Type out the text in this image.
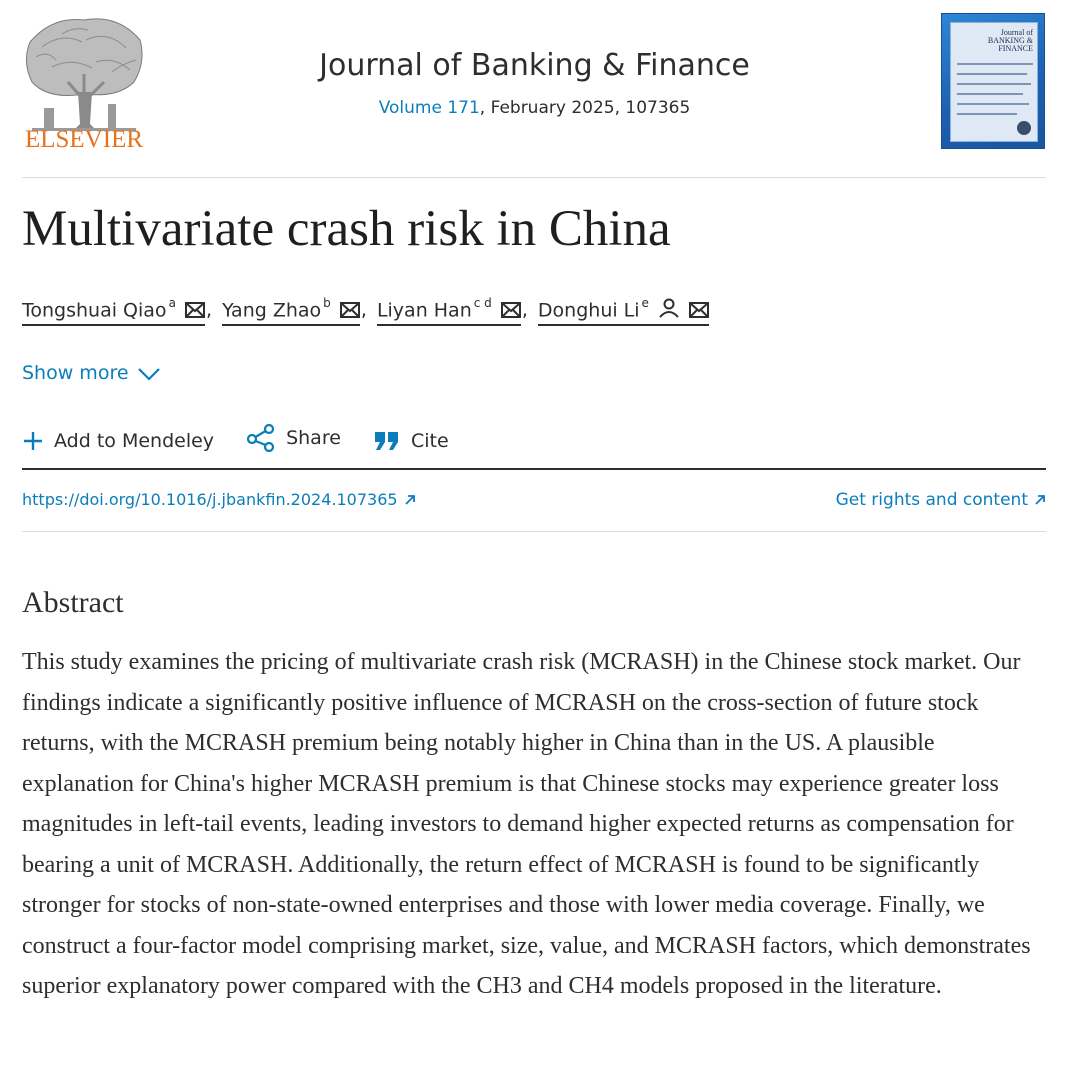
ELSEVIER
Journal of Banking & Finance
Volume 171, February 2025, 107365
Journal of BANKING & FINANCE
Multivariate crash risk in China
Tongshuai Qiao $^a$ , Yang Zhao $^b$ , Liyan Han $^{c d}$ , Donghui Li $^e$
Show more
Add to Mendeley
	Share
	Cite
https://doi.org/10.1016/j.jbankfin.2024.107365	Get rights and content
Abstract

This study examines the pricing of multivariate crash risk (MCRASH) in the Chinese stock market. Our findings indicate a significantly positive influence of MCRASH on the cross-section of future stock returns, with the MCRASH premium being notably higher in China than in the US. A plausible explanation for China's higher MCRASH premium is that Chinese stocks may experience greater loss magnitudes in left-tail events, leading investors to demand higher expected returns as compensation for bearing a unit of MCRASH. Additionally, the return effect of MCRASH is found to be significantly stronger for stocks of non-state-owned enterprises and those with lower media coverage. Finally, we construct a four-factor model comprising market, size, value, and MCRASH factors, which demonstrates superior explanatory power compared with the CH3 and CH4 models proposed in the literature.
